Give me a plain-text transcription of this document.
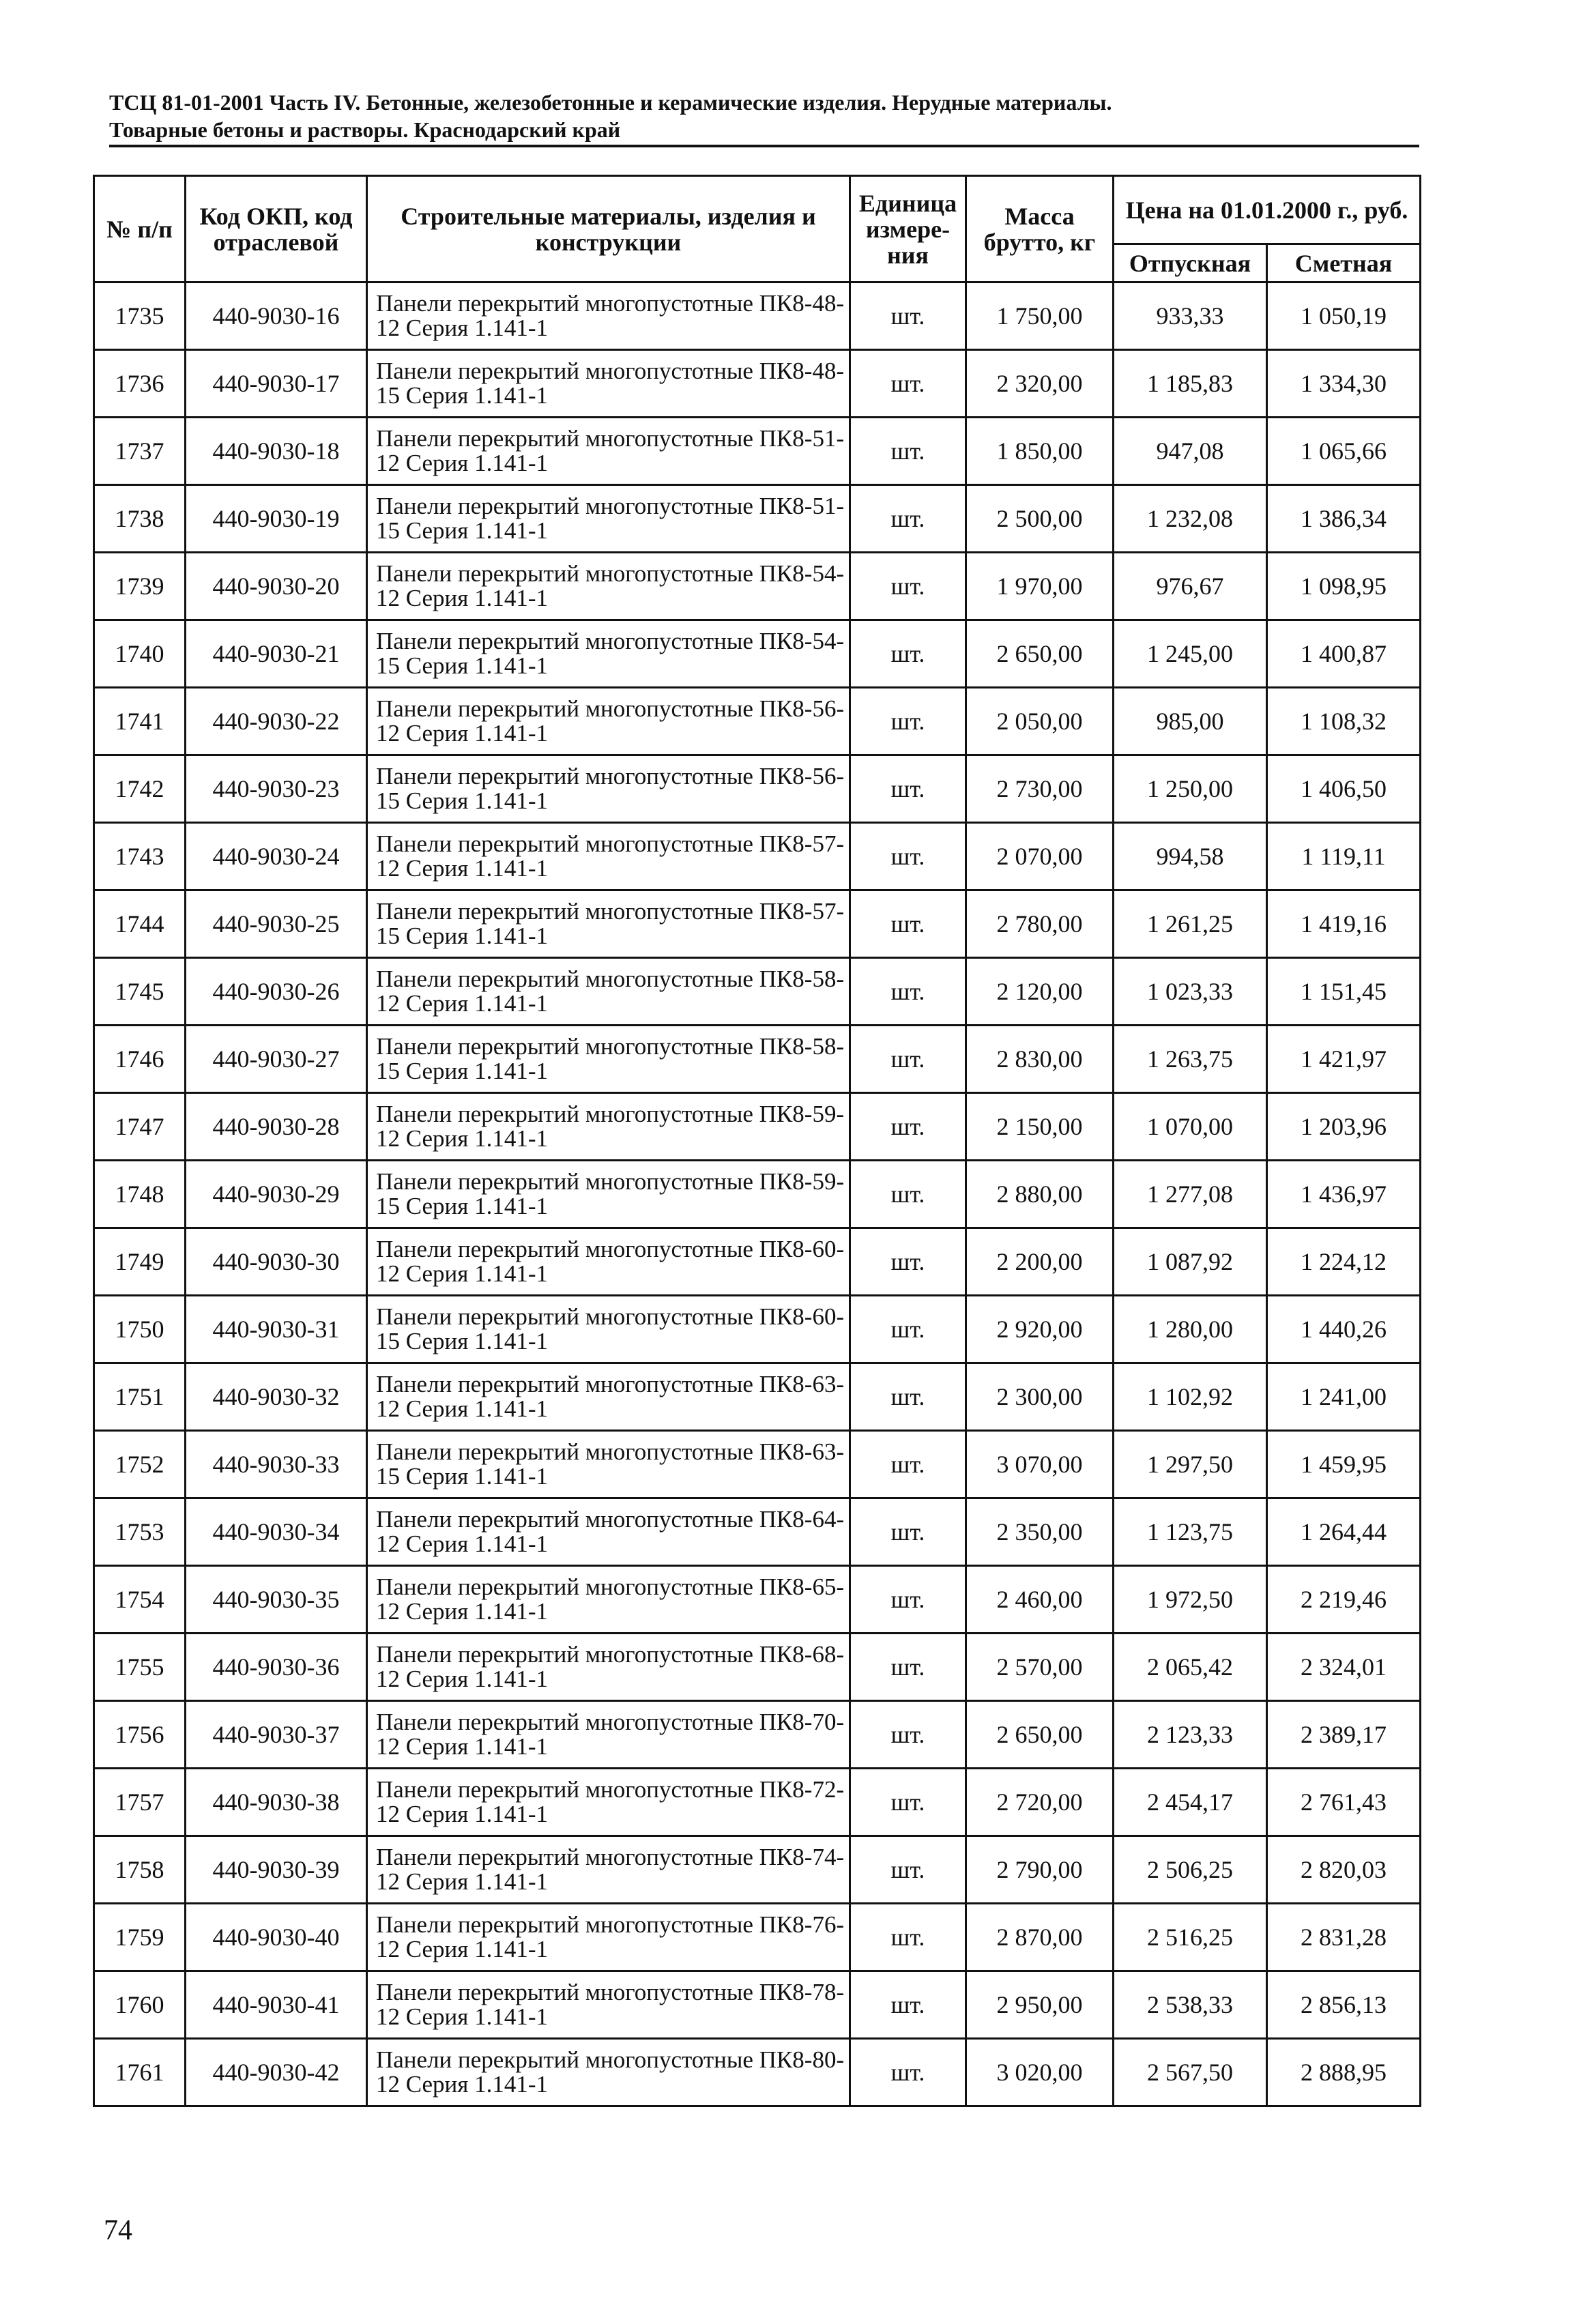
ТСЦ 81-01-2001 Часть IV. Бетонные, железобетонные и керамические изделия. Нерудные материалы.
Товарные бетоны и растворы. Краснодарский край
№ п/п	Код ОКП, код отраслевой	Строительные материалы, изделия и конструкции	Единица измере-ния	Масса брутто, кг	Цена на 01.01.2000 г., руб.	
					Отпускная	Сметная
1735	440-9030-16	Панели перекрытий многопустотные ПК8-48-12 Серия 1.141-1	шт.	1 750,00	933,33	1 050,19
1736	440-9030-17	Панели перекрытий многопустотные ПК8-48-15 Серия 1.141-1	шт.	2 320,00	1 185,83	1 334,30
1737	440-9030-18	Панели перекрытий многопустотные ПК8-51-12 Серия 1.141-1	шт.	1 850,00	947,08	1 065,66
1738	440-9030-19	Панели перекрытий многопустотные ПК8-51-15 Серия 1.141-1	шт.	2 500,00	1 232,08	1 386,34
1739	440-9030-20	Панели перекрытий многопустотные ПК8-54-12 Серия 1.141-1	шт.	1 970,00	976,67	1 098,95
1740	440-9030-21	Панели перекрытий многопустотные ПК8-54-15 Серия 1.141-1	шт.	2 650,00	1 245,00	1 400,87
1741	440-9030-22	Панели перекрытий многопустотные ПК8-56-12 Серия 1.141-1	шт.	2 050,00	985,00	1 108,32
1742	440-9030-23	Панели перекрытий многопустотные ПК8-56-15 Серия 1.141-1	шт.	2 730,00	1 250,00	1 406,50
1743	440-9030-24	Панели перекрытий многопустотные ПК8-57-12 Серия 1.141-1	шт.	2 070,00	994,58	1 119,11
1744	440-9030-25	Панели перекрытий многопустотные ПК8-57-15 Серия 1.141-1	шт.	2 780,00	1 261,25	1 419,16
1745	440-9030-26	Панели перекрытий многопустотные ПК8-58-12 Серия 1.141-1	шт.	2 120,00	1 023,33	1 151,45
1746	440-9030-27	Панели перекрытий многопустотные ПК8-58-15 Серия 1.141-1	шт.	2 830,00	1 263,75	1 421,97
1747	440-9030-28	Панели перекрытий многопустотные ПК8-59-12 Серия 1.141-1	шт.	2 150,00	1 070,00	1 203,96
1748	440-9030-29	Панели перекрытий многопустотные ПК8-59-15 Серия 1.141-1	шт.	2 880,00	1 277,08	1 436,97
1749	440-9030-30	Панели перекрытий многопустотные ПК8-60-12 Серия 1.141-1	шт.	2 200,00	1 087,92	1 224,12
1750	440-9030-31	Панели перекрытий многопустотные ПК8-60-15 Серия 1.141-1	шт.	2 920,00	1 280,00	1 440,26
1751	440-9030-32	Панели перекрытий многопустотные ПК8-63-12 Серия 1.141-1	шт.	2 300,00	1 102,92	1 241,00
1752	440-9030-33	Панели перекрытий многопустотные ПК8-63-15 Серия 1.141-1	шт.	3 070,00	1 297,50	1 459,95
1753	440-9030-34	Панели перекрытий многопустотные ПК8-64-12 Серия 1.141-1	шт.	2 350,00	1 123,75	1 264,44
1754	440-9030-35	Панели перекрытий многопустотные ПК8-65-12 Серия 1.141-1	шт.	2 460,00	1 972,50	2 219,46
1755	440-9030-36	Панели перекрытий многопустотные ПК8-68-12 Серия 1.141-1	шт.	2 570,00	2 065,42	2 324,01
1756	440-9030-37	Панели перекрытий многопустотные ПК8-70-12 Серия 1.141-1	шт.	2 650,00	2 123,33	2 389,17
1757	440-9030-38	Панели перекрытий многопустотные ПК8-72-12 Серия 1.141-1	шт.	2 720,00	2 454,17	2 761,43
1758	440-9030-39	Панели перекрытий многопустотные ПК8-74-12 Серия 1.141-1	шт.	2 790,00	2 506,25	2 820,03
1759	440-9030-40	Панели перекрытий многопустотные ПК8-76-12 Серия 1.141-1	шт.	2 870,00	2 516,25	2 831,28
1760	440-9030-41	Панели перекрытий многопустотные ПК8-78-12 Серия 1.141-1	шт.	2 950,00	2 538,33	2 856,13
1761	440-9030-42	Панели перекрытий многопустотные ПК8-80-12 Серия 1.141-1	шт.	3 020,00	2 567,50	2 888,95
74
